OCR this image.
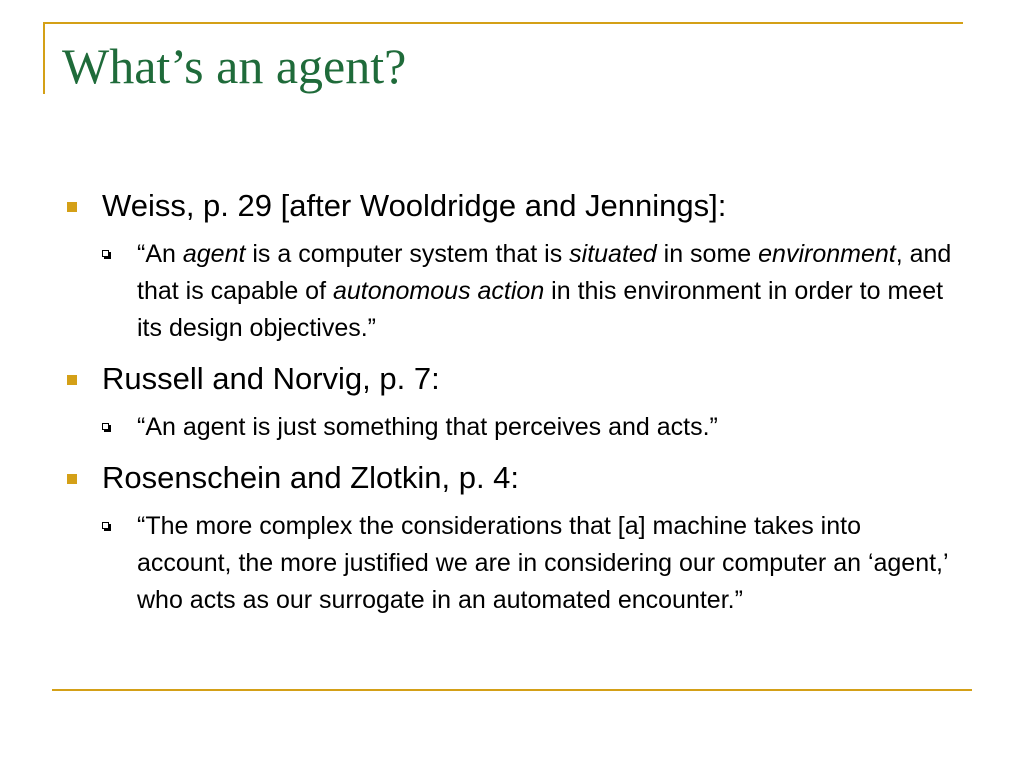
What’s an agent?
Weiss, p. 29 [after Wooldridge and Jennings]:
“An agent is a computer system that is situated in some environment, and that is capable of autonomous action in this environment in order to meet its design objectives.”
Russell and Norvig, p. 7:
“An agent is just something that perceives and acts.”
Rosenschein and Zlotkin, p. 4:
“The more complex the considerations that [a] machine takes into account, the more justified we are in considering our computer an ‘agent,’ who acts as our surrogate in an automated encounter.”
